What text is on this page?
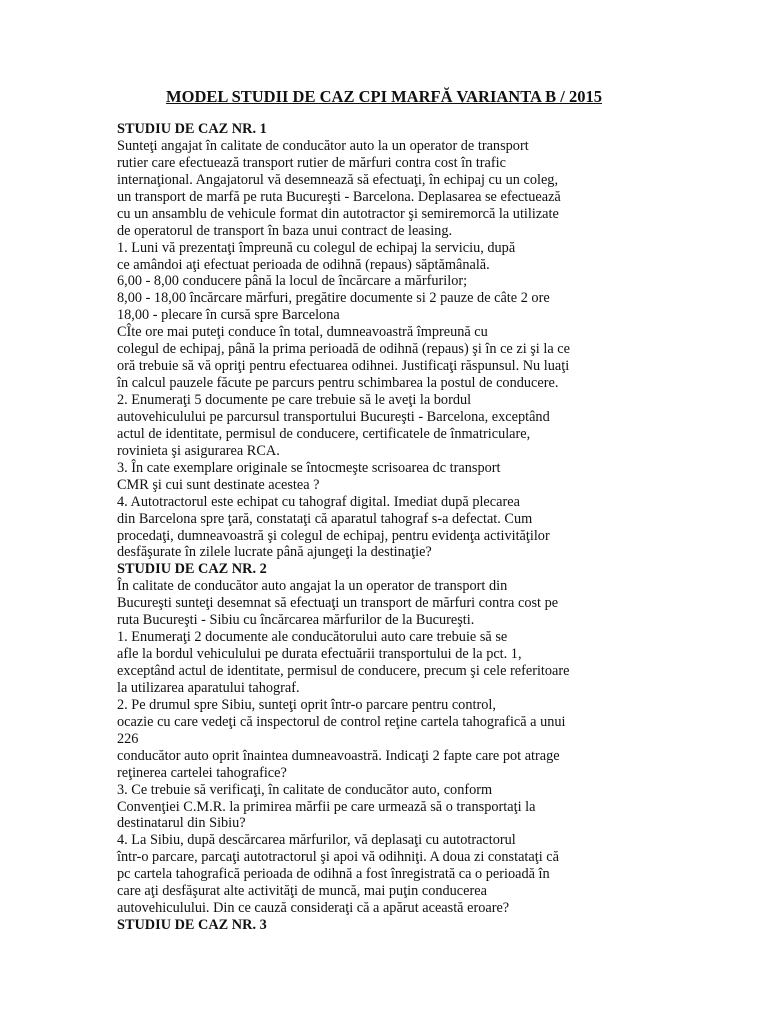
MODEL STUDII DE CAZ CPI MARFĂ VARIANTA B / 2015
STUDIU DE CAZ NR. 1
Sunteţi angajat în calitate de conducător auto la un operator de transport
rutier care efectuează transport rutier de mărfuri contra cost în trafic
internaţional. Angajatorul vă desemnează să efectuaţi, în echipaj cu un coleg,
un transport de marfă pe ruta Bucureşti - Barcelona. Deplasarea se efectuează
cu un ansamblu de vehicule format din autotractor şi semiremorcă la utilizate
de operatorul de transport în baza unui contract de leasing.
1. Luni vă prezentaţi împreună cu colegul de echipaj la serviciu, după
ce amândoi aţi efectuat perioada de odihnă (repaus) săptămânală.
6,00 - 8,00 conducere până la locul de încărcare a mărfurilor;
8,00 - 18,00 încărcare mărfuri, pregătire documente si 2 pauze de câte 2 ore
18,00 - plecare în cursă spre Barcelona
CÎte ore mai puteţi conduce în total, dumneavoastră împreună cu
colegul de echipaj, până la prima perioadă de odihnă (repaus) şi în ce zi şi la ce
oră trebuie să vă opriţi pentru efectuarea odihnei. Justificaţi răspunsul. Nu luaţi
în calcul pauzele făcute pe parcurs pentru schimbarea la postul de conducere.
2. Enumeraţi 5 documente pe care trebuie să le aveţi la bordul
autovehiculului pe parcursul transportului Bucureşti - Barcelona, exceptând
actul de identitate, permisul de conducere, certificatele de înmatriculare,
rovinieta şi asigurarea RCA.
3. În cate exemplare originale se întocmeşte scrisoarea dc transport
CMR şi cui sunt destinate acestea ?
4. Autotractorul este echipat cu tahograf digital. Imediat după plecarea
din Barcelona spre ţară, constataţi că aparatul tahograf s-a defectat. Cum
procedaţi, dumneavoastră şi colegul de echipaj, pentru evidenţa activităţilor
desfăşurate în zilele lucrate până ajungeţi la destinaţie?
STUDIU DE CAZ NR. 2
În calitate de conducător auto angajat la un operator de transport din
Bucureşti sunteţi desemnat să efectuaţi un transport de mărfuri contra cost pe
ruta Bucureşti - Sibiu cu încărcarea mărfurilor de la Bucureşti.
1. Enumeraţi 2 documente ale conducătorului auto care trebuie să se
afle la bordul vehiculului pe durata efectuării transportului de la pct. 1,
exceptând actul de identitate, permisul de conducere, precum şi cele referitoare
la utilizarea aparatului tahograf.
2. Pe drumul spre Sibiu, sunteţi oprit într-o parcare pentru control,
ocazie cu care vedeţi că inspectorul de control reţine cartela tahografică a unui
226
conducător auto oprit înaintea dumneavoastră. Indicaţi 2 fapte care pot atrage
reţinerea cartelei tahografice?
3. Ce trebuie să verificaţi, în calitate de conducător auto, conform
Convenţiei C.M.R. la primirea mărfii pe care urmează să o transportaţi la
destinatarul din Sibiu?
4. La Sibiu, după descărcarea mărfurilor, vă deplasaţi cu autotractorul
într-o parcare, parcaţi autotractorul şi apoi vă odihniţi. A doua zi constataţi că
pc cartela tahografică perioada de odihnă a fost înregistrată ca o perioadă în
care aţi desfăşurat alte activităţi de muncă, mai puţin conducerea
autovehiculului. Din ce cauză consideraţi că a apărut această eroare?
STUDIU DE CAZ NR. 3
